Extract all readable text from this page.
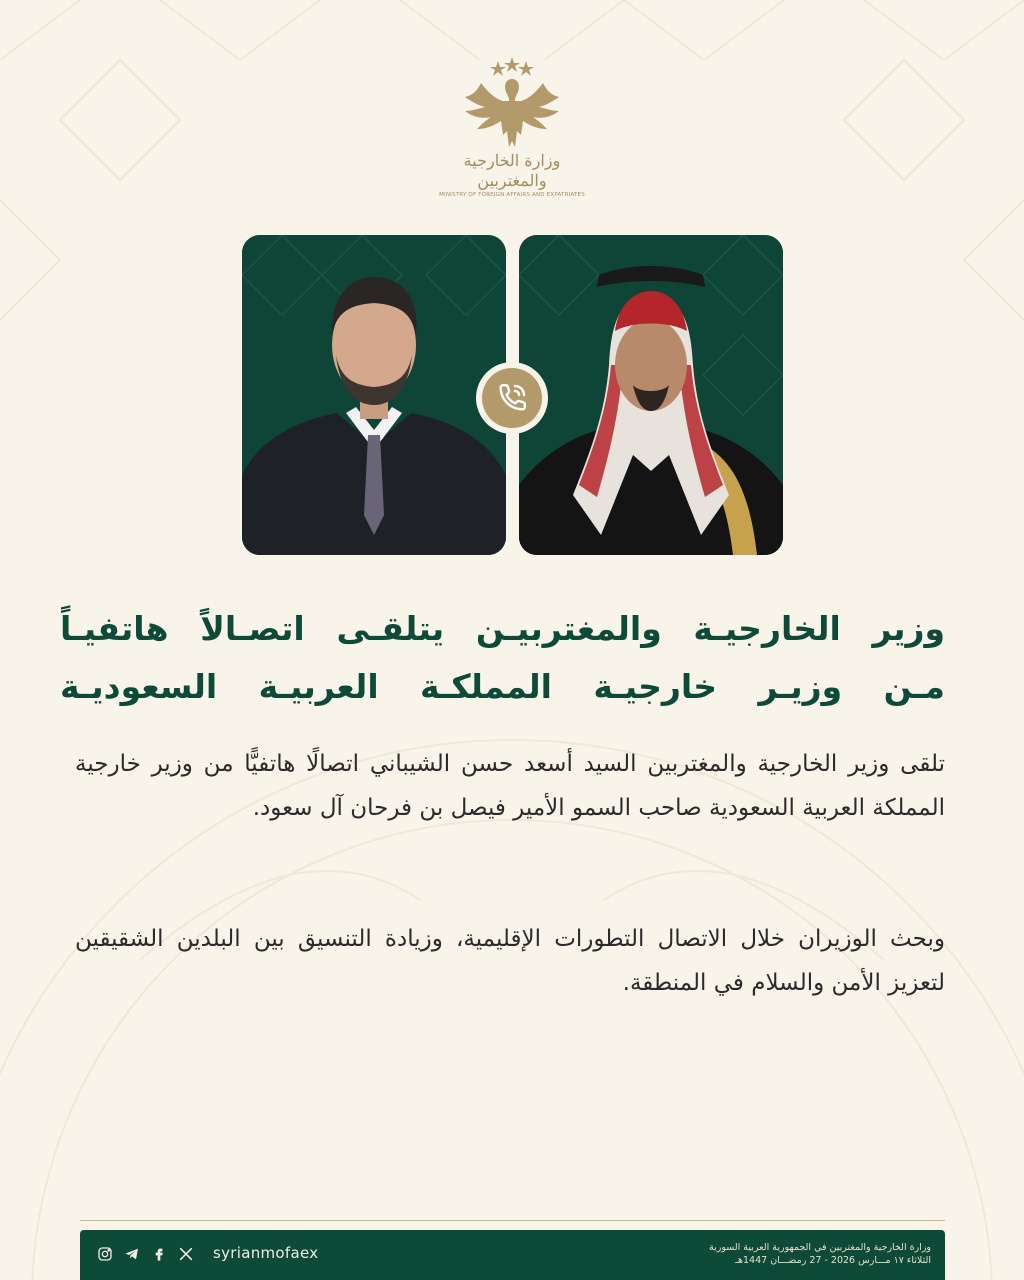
وزارة الخارجية والمغتربين
MINISTRY OF FOREIGN AFFAIRS AND EXPATRIATES
وزير الخارجيـة والمغتربيـن يتلقـى اتصـالاً هاتفيـاً
مـن وزيـر خارجيـة المملكـة العربيـة السعوديـة
تلقى وزير الخارجية والمغتربين السيد أسعد حسن الشيباني اتصالًا هاتفيًّا من وزير خارجية المملكة العربية السعودية صاحب السمو الأمير فيصل بن فرحان آل سعود.
وبحث الوزيران خلال الاتصال التطورات الإقليمية، وزيادة التنسيق بين البلدين الشقيقين لتعزيز الأمن والسلام في المنطقة.
syrianmofaex	وزارة الخارجية والمغتربين في الجمهورية العربية السورية
الثلاثاء ١٧ مـــارس 2026 - 27 رمضـــان 1447هـ
